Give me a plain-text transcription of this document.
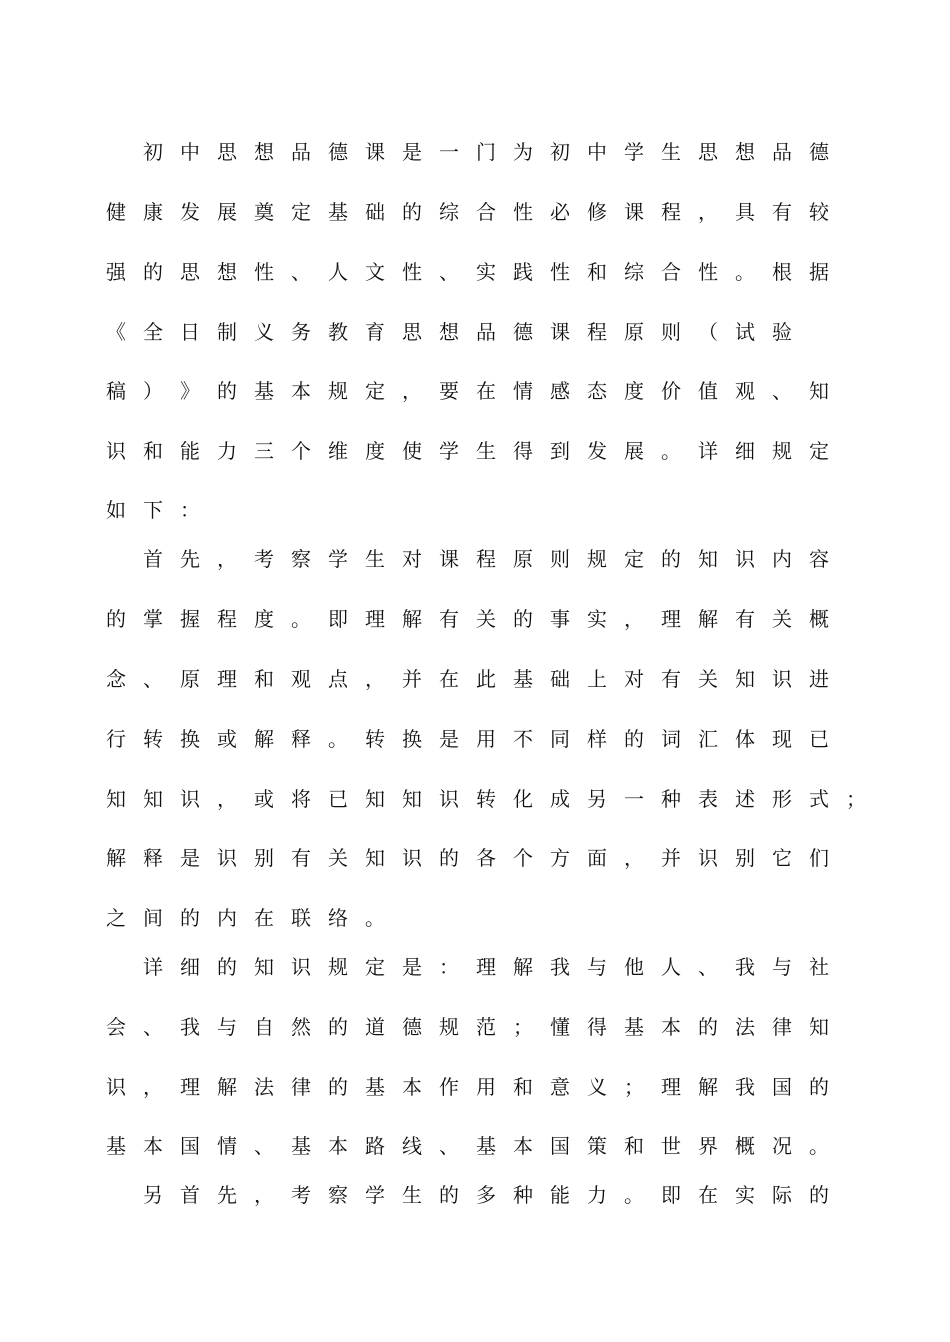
初 中 思 想 品 德 课 是 一 门 为 初 中 学 生 思 想 品 德
健 康 发 展 奠 定 基 础 的 综 合 性 必 修 课 程 ， 具 有 较
强 的 思 想 性 、 人 文 性 、 实 践 性 和 综 合 性 。 根 据
《 全 日 制 义 务 教 育 思 想 品 德 课 程 原 则 （ 试 验
稿 ） 》 的 基 本 规 定 ， 要 在 情 感 态 度 价 值 观 、 知
识 和 能 力 三 个 维 度 使 学 生 得 到 发 展 。 详 细 规 定
如 下 ：
首 先 ， 考 察 学 生 对 课 程 原 则 规 定 的 知 识 内 容
的 掌 握 程 度 。 即 理 解 有 关 的 事 实 ， 理 解 有 关 概
念 、 原 理 和 观 点 ， 并 在 此 基 础 上 对 有 关 知 识 进
行 转 换 或 解 释 。 转 换 是 用 不 同 样 的 词 汇 体 现 已
知 知 识 ， 或 将 已 知 知 识 转 化 成 另 一 种 表 述 形 式 ；
解 释 是 识 别 有 关 知 识 的 各 个 方 面 ， 并 识 别 它 们
之 间 的 内 在 联 络 。
详 细 的 知 识 规 定 是 ： 理 解 我 与 他 人 、 我 与 社
会 、 我 与 自 然 的 道 德 规 范 ； 懂 得 基 本 的 法 律 知
识 ， 理 解 法 律 的 基 本 作 用 和 意 义 ； 理 解 我 国 的
基 本 国 情 、 基 本 路 线 、 基 本 国 策 和 世 界 概 况 。
另 首 先 ， 考 察 学 生 的 多 种 能 力 。 即 在 实 际 的
